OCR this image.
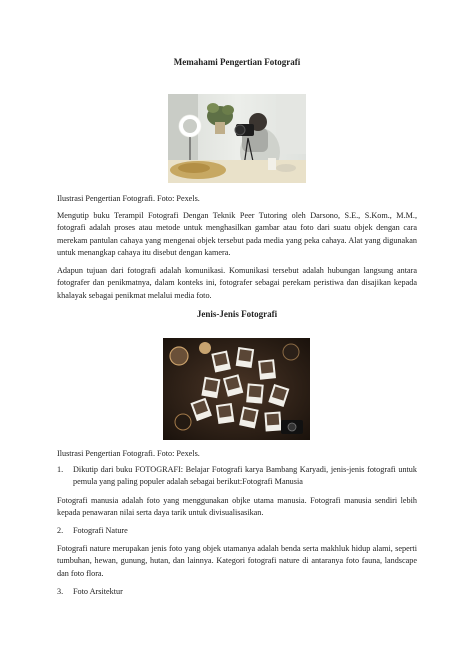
Memahami Pengertian Fotografi
Ilustrasi Pengertian Fotografi. Foto: Pexels.

Mengutip buku Terampil Fotografi Dengan Teknik Peer Tutoring oleh Darsono, S.E., S.Kom., M.M., fotografi adalah proses atau metode untuk menghasilkan gambar atau foto dari suatu objek dengan cara merekam pantulan cahaya yang mengenai objek tersebut pada media yang peka cahaya. Alat yang digunakan untuk menangkap cahaya itu disebut dengan kamera.

Adapun tujuan dari fotografi adalah komunikasi. Komunikasi tersebut adalah hubungan langsung antara fotografer dan penikmatnya, dalam konteks ini, fotografer sebagai perekam peristiwa dan disajikan kepada khalayak sebagai penikmat melalui media foto.

Jenis-Jenis Fotografi
Ilustrasi Pengertian Fotografi. Foto: Pexels.
1. Dikutip dari buku FOTOGRAFI: Belajar Fotografi karya Bambang Karyadi, jenis-jenis fotografi untuk pemula yang paling populer adalah sebagai berikut:Fotografi Manusia

Fotografi manusia adalah foto yang menggunakan objke utama manusia. Fotografi manusia sendiri lebih kepada penawaran nilai serta daya tarik untuk divisualisasikan.

2. Fotografi Nature

Fotografi nature merupakan jenis foto yang objek utamanya adalah benda serta makhluk hidup alami, seperti tumbuhan, hewan, gunung, hutan, dan lainnya. Kategori fotografi nature di antaranya foto fauna, landscape dan foto flora.

3. Foto Arsitektur
